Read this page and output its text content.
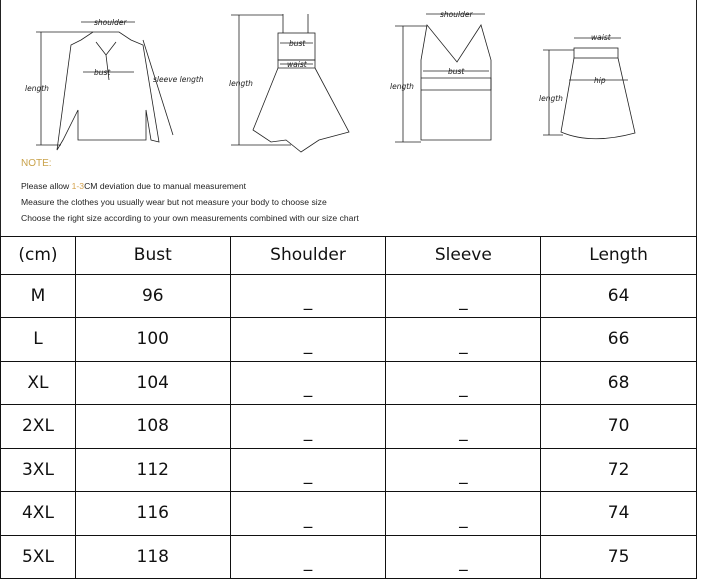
shoulder
bust
length
sleeve length
bust
waist
length
shoulder
bust
length
waist
hip
length
NOTE:
Please allow 1-3CM deviation due to manual measurement
Measure the clothes you usually wear but not measure your body to choose size
Choose the right size according to your own measurements combined with our size chart
(cm)	Bust	Shoulder	Sleeve	Length
M	96	_	_	64
L	100	_	_	66
XL	104	_	_	68
2XL	108	_	_	70
3XL	112	_	_	72
4XL	116	_	_	74
5XL	118	_	_	75
